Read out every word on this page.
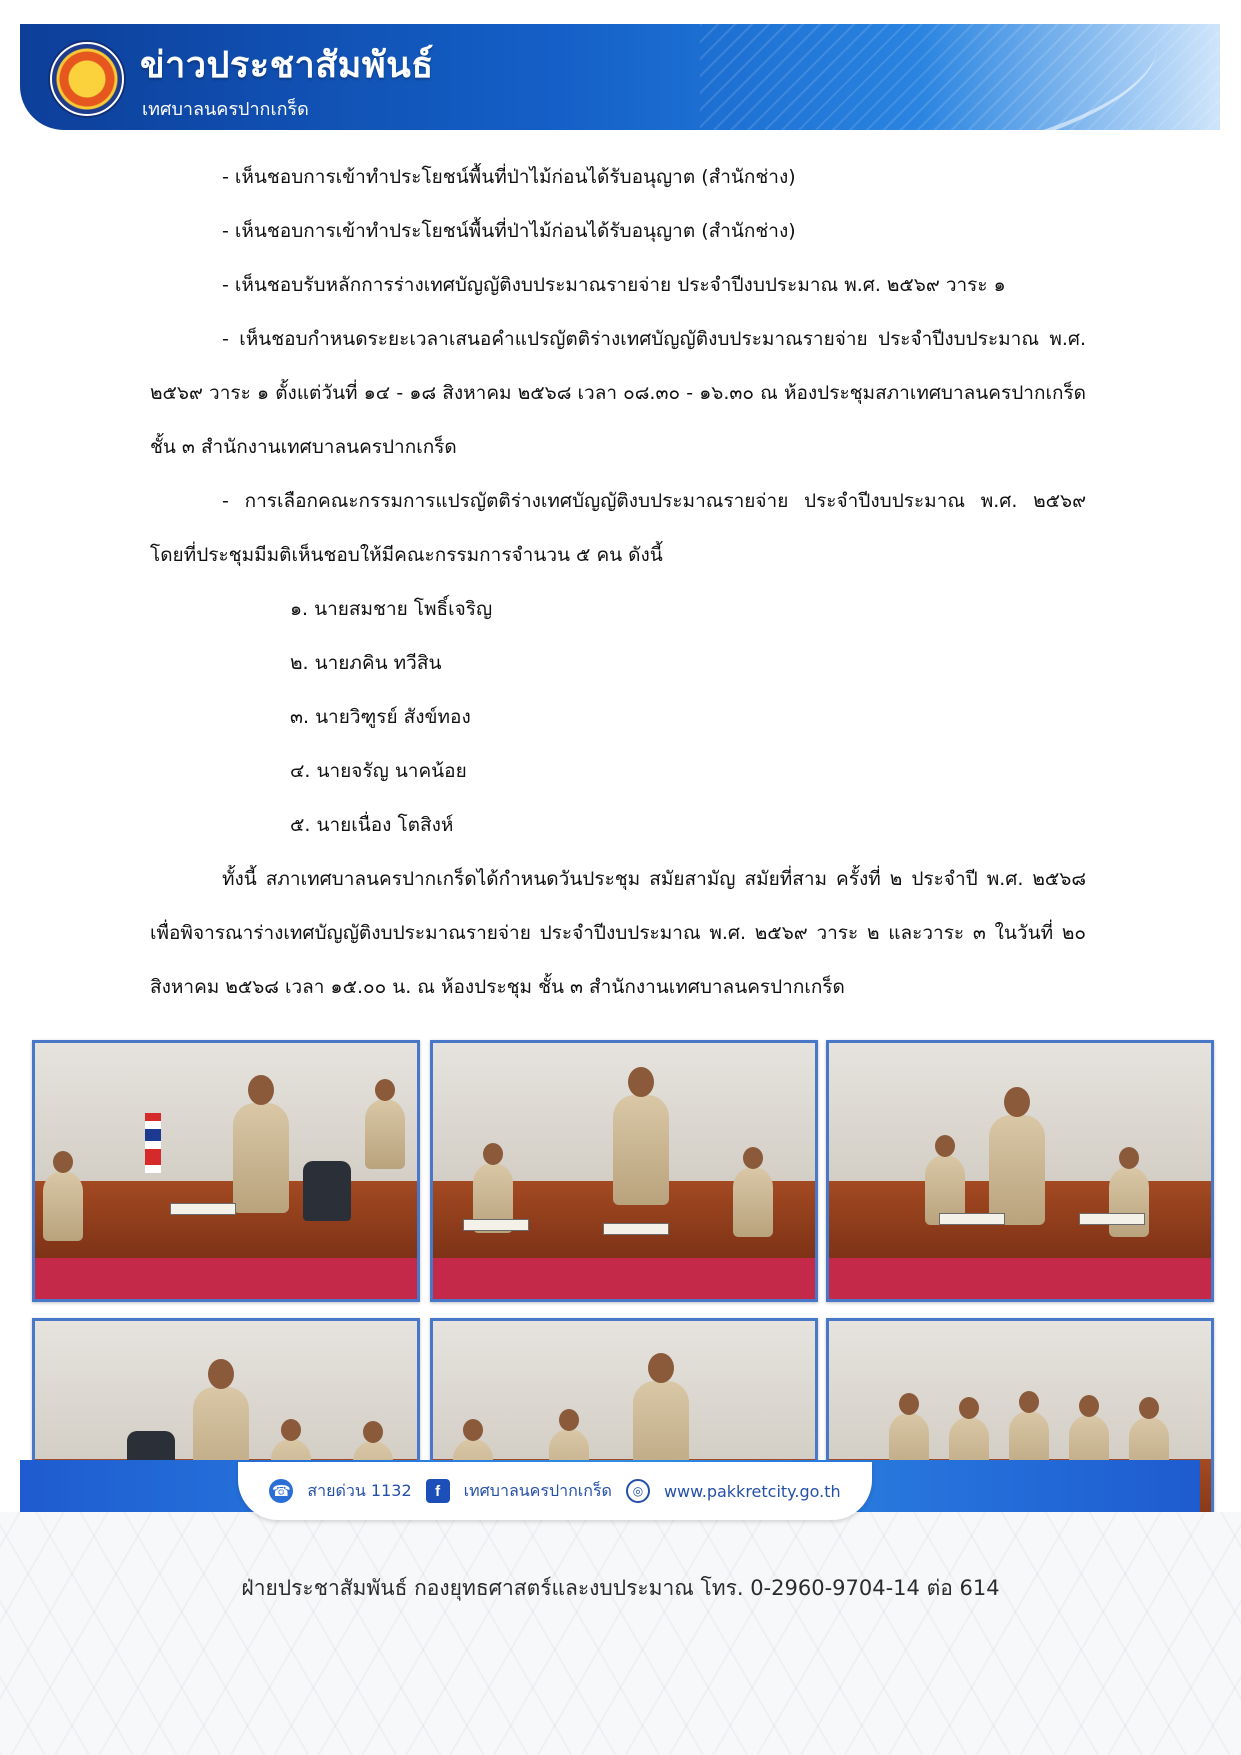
ข่าวประชาสัมพันธ์
เทศบาลนครปากเกร็ด

- เห็นชอบการเข้าทำประโยชน์พื้นที่ป่าไม้ก่อนได้รับอนุญาต (สำนักช่าง)

- เห็นชอบการเข้าทำประโยชน์พื้นที่ป่าไม้ก่อนได้รับอนุญาต (สำนักช่าง)

- เห็นชอบรับหลักการร่างเทศบัญญัติงบประมาณรายจ่าย ประจำปีงบประมาณ พ.ศ. ๒๕๖๙ วาระ ๑

- เห็นชอบกำหนดระยะเวลาเสนอคำแปรญัตติร่างเทศบัญญัติงบประมาณรายจ่าย ประจำปีงบประมาณ พ.ศ. ๒๕๖๙ วาระ ๑ ตั้งแต่วันที่ ๑๔ - ๑๘ สิงหาคม ๒๕๖๘ เวลา ๐๘.๓๐ - ๑๖.๓๐ ณ ห้องประชุมสภาเทศบาลนครปากเกร็ด ชั้น ๓ สำนักงานเทศบาลนครปากเกร็ด

- การเลือกคณะกรรมการแปรญัตติร่างเทศบัญญัติงบประมาณรายจ่าย ประจำปีงบประมาณ พ.ศ. ๒๕๖๙ โดยที่ประชุมมีมติเห็นชอบให้มีคณะกรรมการจำนวน ๕ คน ดังนี้

๑. นายสมชาย โพธิ์เจริญ

๒. นายภคิน ทวีสิน

๓. นายวิฑูรย์ สังข์ทอง

๔. นายจรัญ นาคน้อย

๕. นายเนื่อง โตสิงห์

ทั้งนี้ สภาเทศบาลนครปากเกร็ดได้กำหนดวันประชุม สมัยสามัญ สมัยที่สาม ครั้งที่ ๒ ประจำปี พ.ศ. ๒๕๖๘ เพื่อพิจารณาร่างเทศบัญญัติงบประมาณรายจ่าย ประจำปีงบประมาณ พ.ศ. ๒๕๖๙ วาระ ๒ และวาระ ๓ ในวันที่ ๒๐ สิงหาคม ๒๕๖๘ เวลา ๑๕.๐๐ น. ณ ห้องประชุม ชั้น ๓ สำนักงานเทศบาลนครปากเกร็ด

☎ สายด่วน 1132	f	เทศบาลนครปากเกร็ด	◎	www.pakkretcity.go.th
ฝ่ายประชาสัมพันธ์ กองยุทธศาสตร์และงบประมาณ โทร. 0-2960-9704-14 ต่อ 614
